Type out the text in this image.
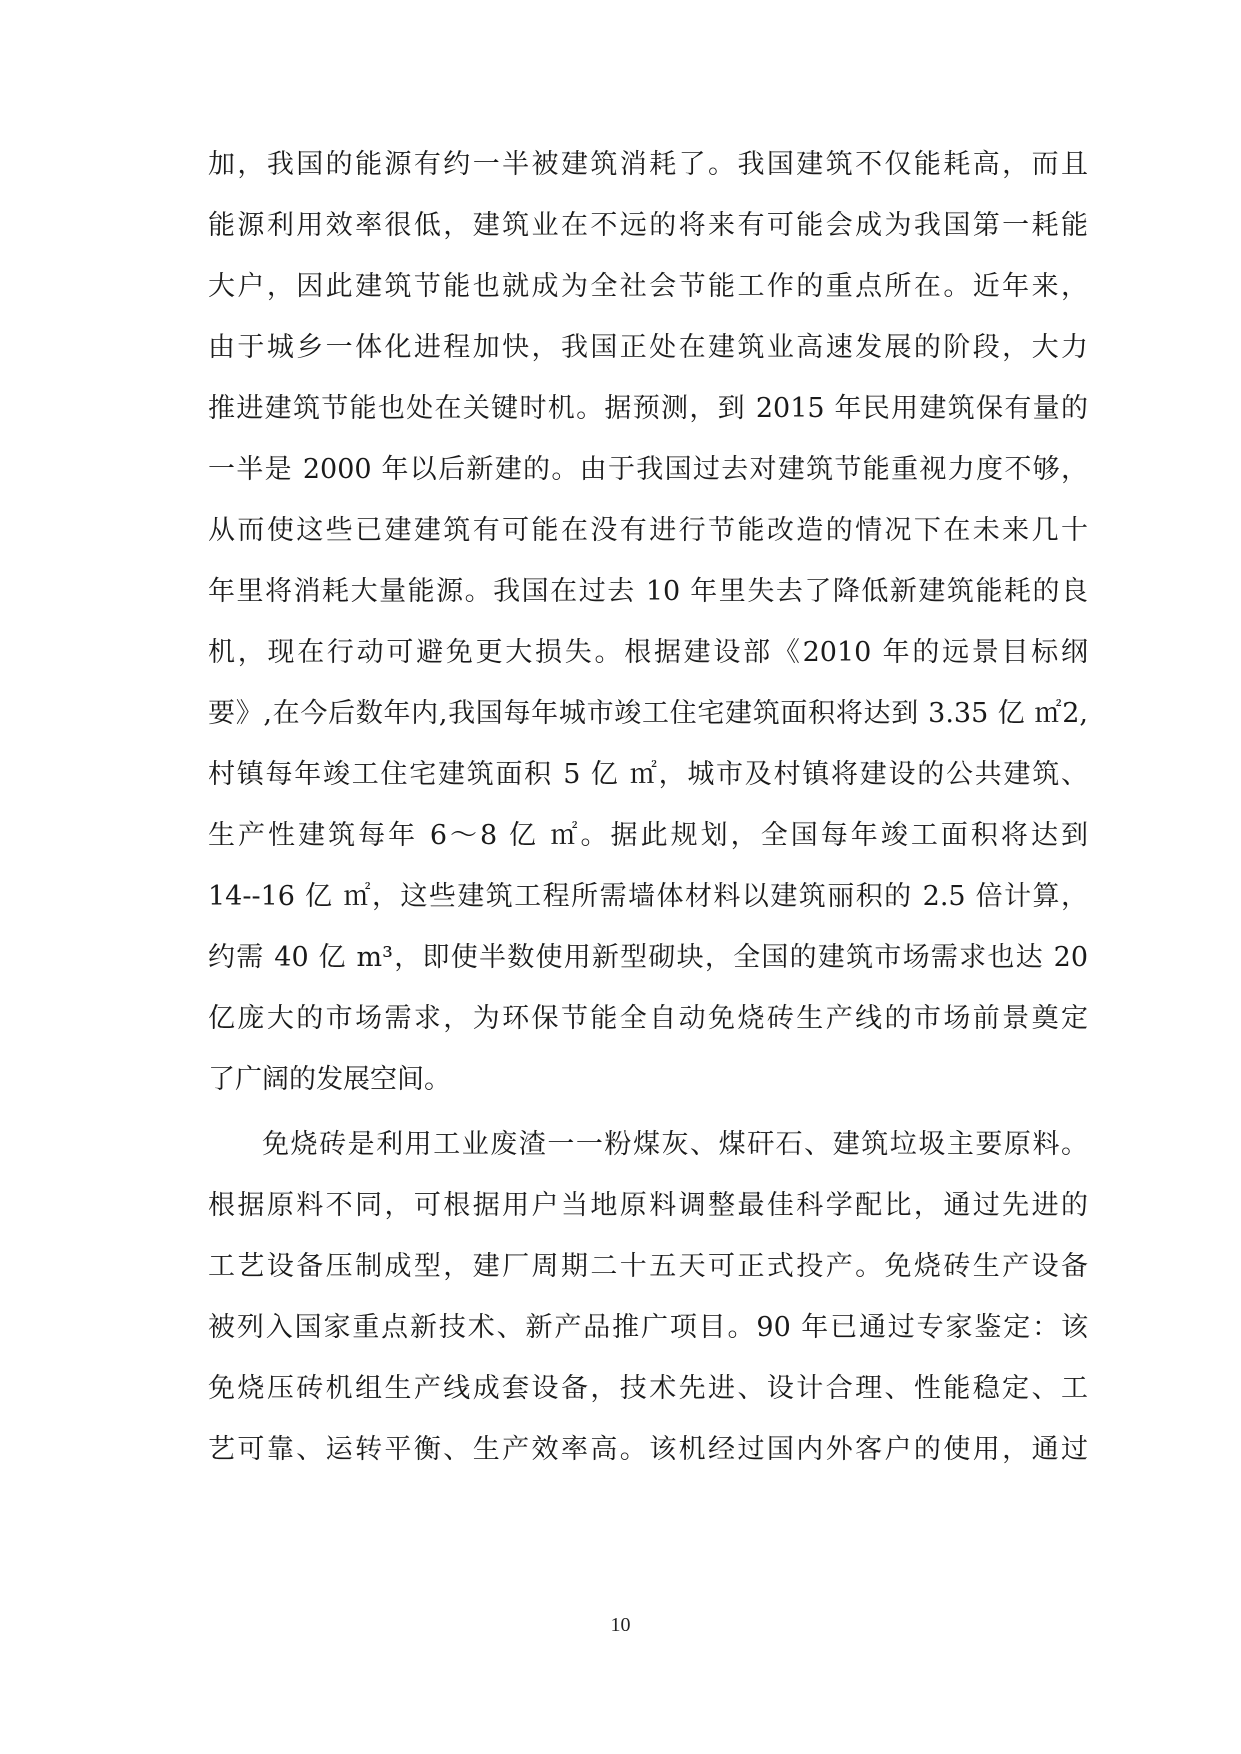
加，我国的能源有约一半被建筑消耗了。我国建筑不仅能耗高，而且
能源利用效率很低，建筑业在不远的将来有可能会成为我国第一耗能
大户，因此建筑节能也就成为全社会节能工作的重点所在。近年来，
由于城乡一体化进程加快，我国正处在建筑业高速发展的阶段，大力
推进建筑节能也处在关键时机。据预测，到 2015 年民用建筑保有量的
一半是 2000 年以后新建的。由于我国过去对建筑节能重视力度不够，
从而使这些已建建筑有可能在没有进行节能改造的情况下在未来几十
年里将消耗大量能源。我国在过去 10 年里失去了降低新建筑能耗的良
机，现在行动可避免更大损失。根据建设部《2010 年的远景目标纲
要》,在今后数年内,我国每年城市竣工住宅建筑面积将达到 3.35 亿 ㎡2,
村镇每年竣工住宅建筑面积 5 亿 ㎡，城市及村镇将建设的公共建筑、
生产性建筑每年 6～8 亿 ㎡。据此规划，全国每年竣工面积将达到
14--16 亿 ㎡，这些建筑工程所需墙体材料以建筑丽积的 2.5 倍计算，
约需 40 亿 m³，即使半数使用新型砌块，全国的建筑市场需求也达 20
亿庞大的市场需求，为环保节能全自动免烧砖生产线的市场前景奠定
了广阔的发展空间。
免烧砖是利用工业废渣一一粉煤灰、煤矸石、建筑垃圾主要原料。
根据原料不同，可根据用户当地原料调整最佳科学配比，通过先进的
工艺设备压制成型，建厂周期二十五天可正式投产。免烧砖生产设备
被列入国家重点新技术、新产品推广项目。90 年已通过专家鉴定：该
免烧压砖机组生产线成套设备，技术先进、设计合理、性能稳定、工
艺可靠、运转平衡、生产效率高。该机经过国内外客户的使用，通过
10
